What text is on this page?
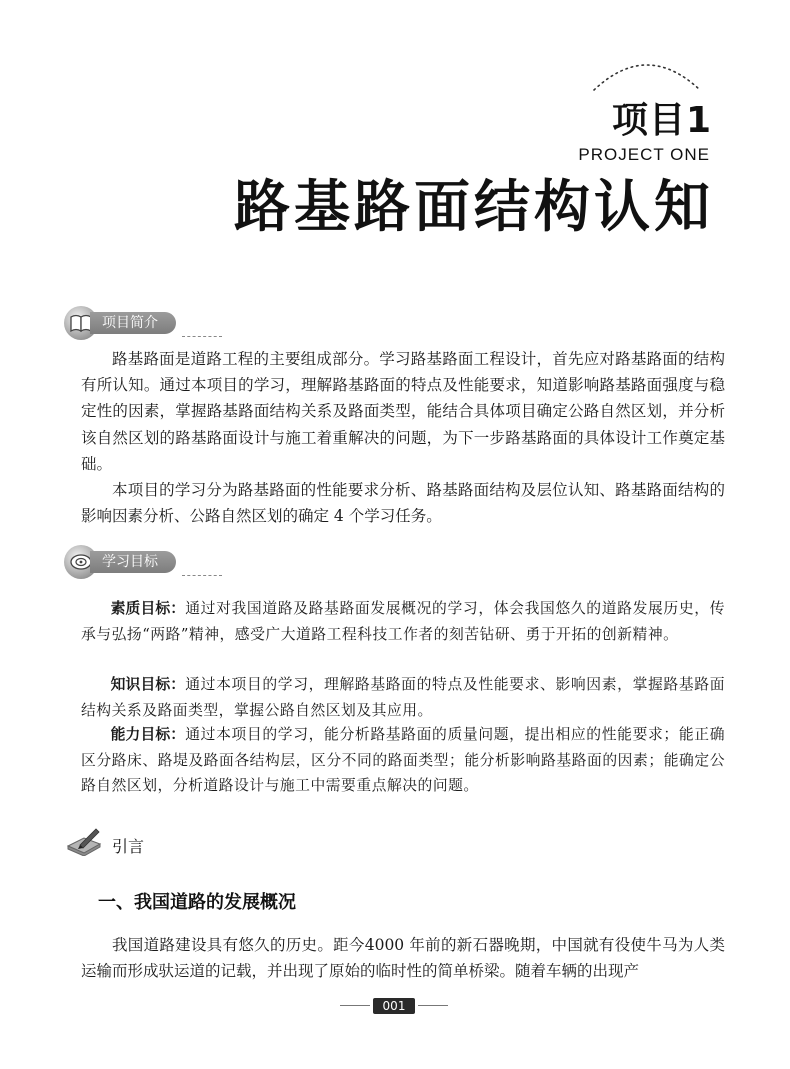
项目1
PROJECT ONE
路基路面结构认知
项目简介

路基路面是道路工程的主要组成部分。学习路基路面工程设计，首先应对路基路面的结构有所认知。通过本项目的学习，理解路基路面的特点及性能要求，知道影响路基路面强度与稳定性的因素，掌握路基路面结构关系及路面类型，能结合具体项目确定公路自然区划，并分析该自然区划的路基路面设计与施工着重解决的问题，为下一步路基路面的具体设计工作奠定基础。

本项目的学习分为路基路面的性能要求分析、路基路面结构及层位认知、路基路面结构的影响因素分析、公路自然区划的确定 4 个学习任务。

学习目标

素质目标：通过对我国道路及路基路面发展概况的学习，体会我国悠久的道路发展历史，传承与弘扬“两路”精神，感受广大道路工程科技工作者的刻苦钻研、勇于开拓的创新精神。

知识目标：通过本项目的学习，理解路基路面的特点及性能要求、影响因素，掌握路基路面结构关系及路面类型，掌握公路自然区划及其应用。

能力目标：通过本项目的学习，能分析路基路面的质量问题，提出相应的性能要求；能正确区分路床、路堤及路面各结构层，区分不同的路面类型；能分析影响路基路面的因素；能确定公路自然区划，分析道路设计与施工中需要重点解决的问题。

引言
一、我国道路的发展概况

我国道路建设具有悠久的历史。距今4000 年前的新石器晚期，中国就有役使牛马为人类运输而形成驮运道的记载，并出现了原始的临时性的简单桥梁。随着车辆的出现产

001
